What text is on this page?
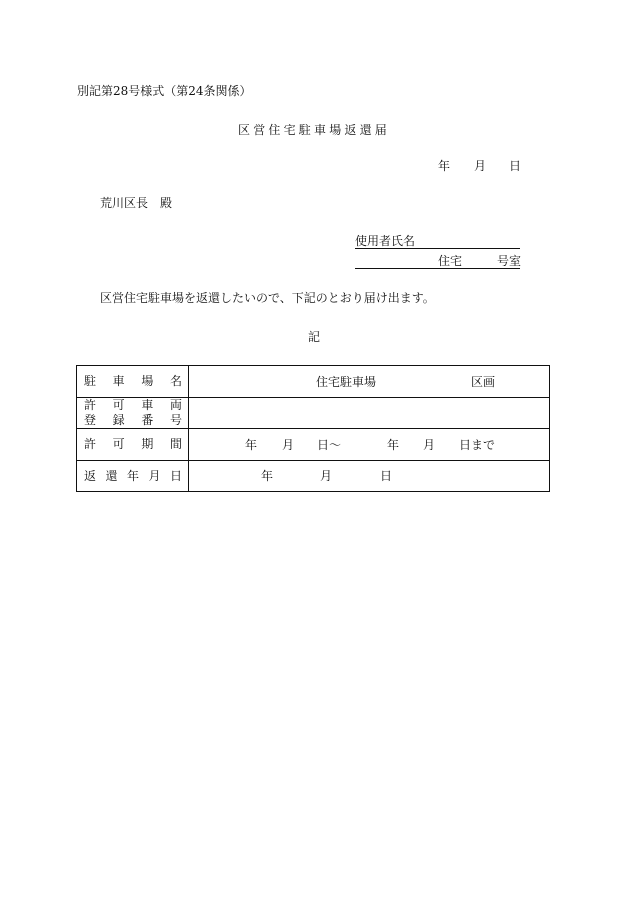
別記第28号様式（第24条関係）
区営住宅駐車場返還届
年 月 日
荒川区長　殿
使用者氏名
住宅	号室
区営住宅駐車場を返還したいので、下記のとおり届け出ます。
記
駐 車 場 名	住宅駐車場	区画
許 可 車 両
登 録 番 号
許 可 期 間	年 月 日～	年 月 日まで
返 還 年 月 日	年	月	日
